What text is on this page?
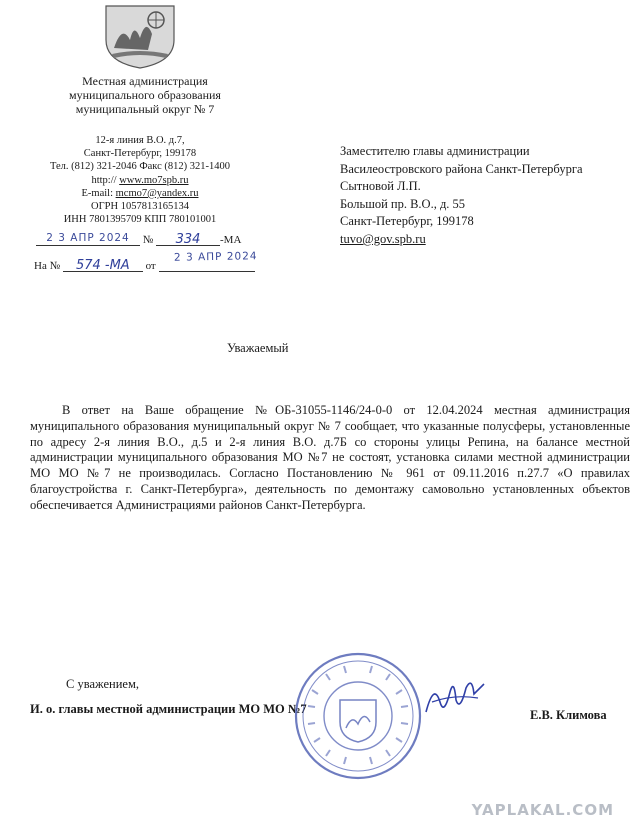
Местная администрация
муниципального образования
муниципальный округ № 7
12-я линия В.О. д.7,
Санкт-Петербург, 199178
Тел. (812) 321-2046 Факс (812) 321-1400
http:// www.mo7spb.ru
E-mail: mcmo7@yandex.ru
ОГРН 1057813165134
ИНН 7801395709 КПП 780101001
2 3 АПР 2024 № 334 -МА
На № 574 -МА от
2 3 АПР 2024
Заместителю главы администрации
Василеостровского района Санкт-Петербурга
Сытновой Л.П.
Большой пр. В.О., д. 55
Санкт-Петербург, 199178
tuvo@gov.spb.ru
Уважаемый
В ответ на Ваше обращение №ОБ-31055-1146/24-0-0 от 12.04.2024 местная администрация муниципального образования муниципальный округ № 7 сообщает, что указанные полусферы, установленные по адресу 2-я линия В.О., д.5 и 2-я линия В.О. д.7Б со стороны улицы Репина, на балансе местной администрации муниципального образования МО №7 не состоят, установка силами местной администрации МО МО №7 не производилась. Согласно Постановлению № 961 от 09.11.2016 п.27.7 «О правилах благоустройства г. Санкт-Петербурга», деятельность по демонтажу самовольно установленных объектов обеспечивается Администрациями районов Санкт-Петербурга.
С уважением,
И. о. главы местной администрации МО МО №7	Е.В. Климова
YAPLAKAL.COM
